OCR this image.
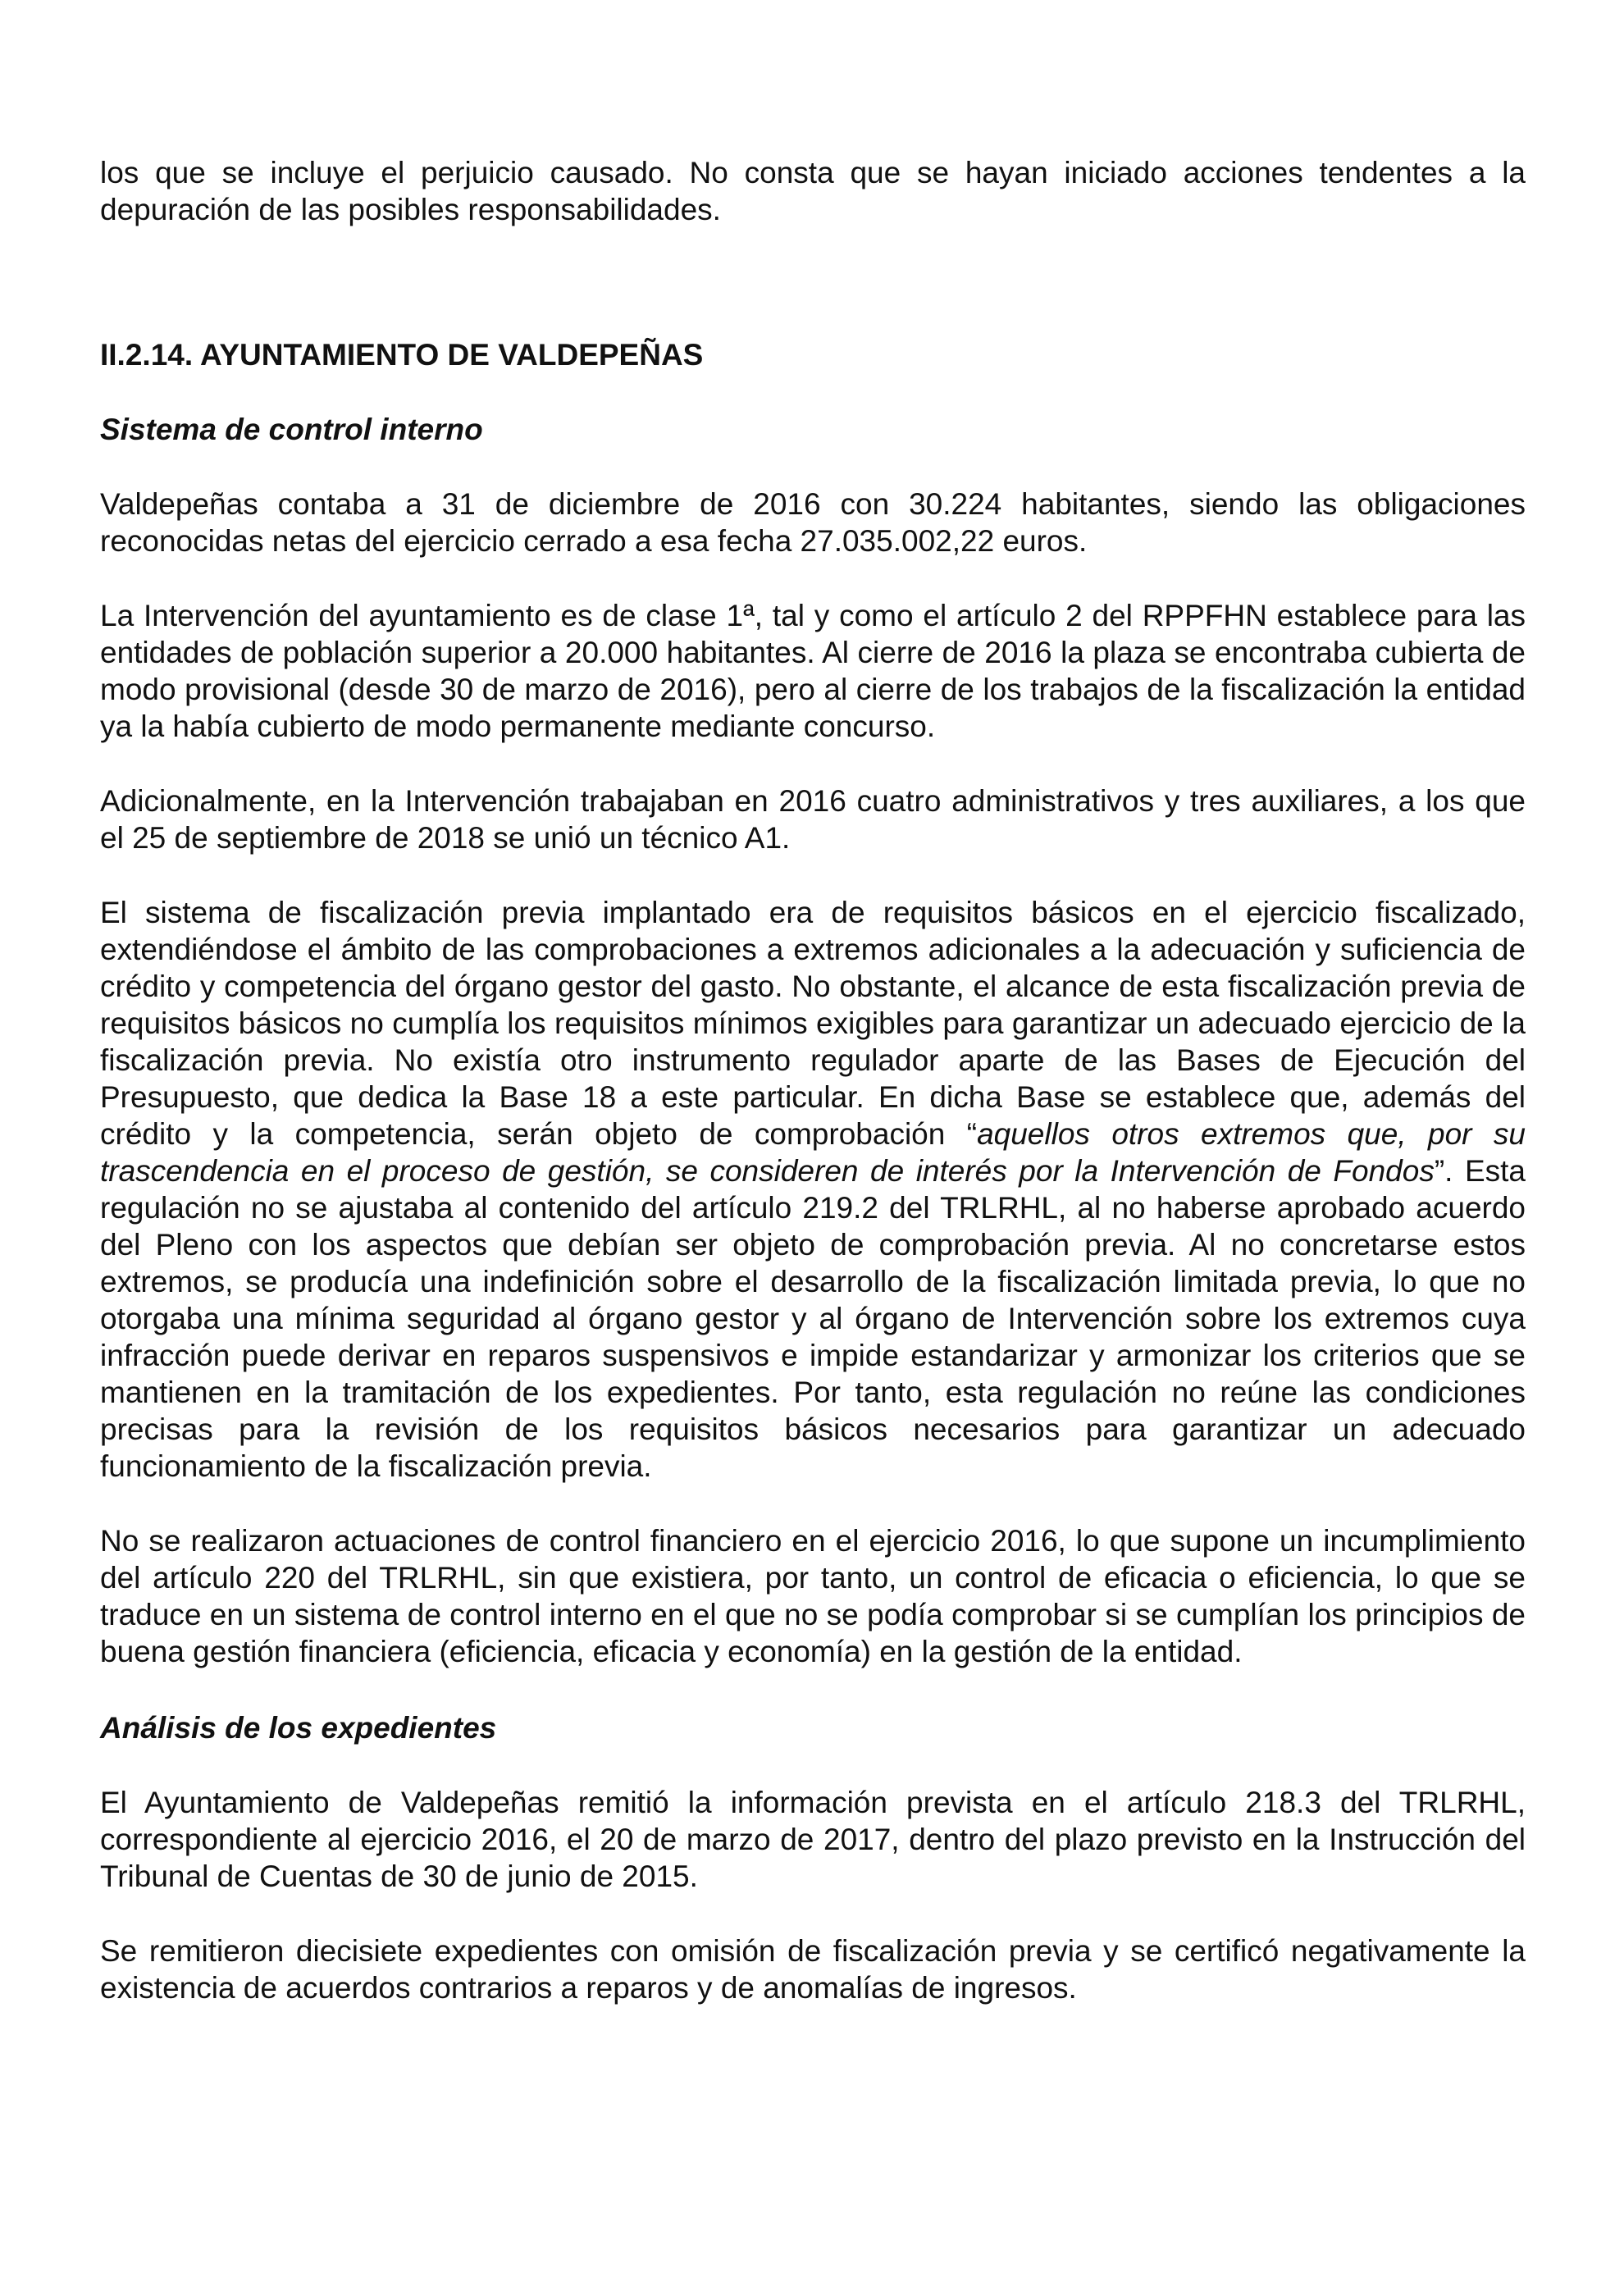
los que se incluye el perjuicio causado. No consta que se hayan iniciado acciones tendentes a la depuración de las posibles responsabilidades.

II.2.14. AYUNTAMIENTO DE VALDEPEÑAS
Sistema de control interno

Valdepeñas contaba a 31 de diciembre de 2016 con 30.224 habitantes, siendo las obligaciones reconocidas netas del ejercicio cerrado a esa fecha 27.035.002,22 euros.

La Intervención del ayuntamiento es de clase 1ª, tal y como el artículo 2 del RPPFHN establece para las entidades de población superior a 20.000 habitantes. Al cierre de 2016 la plaza se encontraba cubierta de modo provisional (desde 30 de marzo de 2016), pero al cierre de los trabajos de la fiscalización la entidad ya la había cubierto de modo permanente mediante concurso.

Adicionalmente, en la Intervención trabajaban en 2016 cuatro administrativos y tres auxiliares, a los que el 25 de septiembre de 2018 se unió un técnico A1.

El sistema de fiscalización previa implantado era de requisitos básicos en el ejercicio fiscalizado, extendiéndose el ámbito de las comprobaciones a extremos adicionales a la adecuación y suficiencia de crédito y competencia del órgano gestor del gasto. No obstante, el alcance de esta fiscalización previa de requisitos básicos no cumplía los requisitos mínimos exigibles para garantizar un adecuado ejercicio de la fiscalización previa. No existía otro instrumento regulador aparte de las Bases de Ejecución del Presupuesto, que dedica la Base 18 a este particular. En dicha Base se establece que, además del crédito y la competencia, serán objeto de comprobación “aquellos otros extremos que, por su trascendencia en el proceso de gestión, se consideren de interés por la Intervención de Fondos”. Esta regulación no se ajustaba al contenido del artículo 219.2 del TRLRHL, al no haberse aprobado acuerdo del Pleno con los aspectos que debían ser objeto de comprobación previa. Al no concretarse estos extremos, se producía una indefinición sobre el desarrollo de la fiscalización limitada previa, lo que no otorgaba una mínima seguridad al órgano gestor y al órgano de Intervención sobre los extremos cuya infracción puede derivar en reparos suspensivos e impide estandarizar y armonizar los criterios que se mantienen en la tramitación de los expedientes. Por tanto, esta regulación no reúne las condiciones precisas para la revisión de los requisitos básicos necesarios para garantizar un adecuado funcionamiento de la fiscalización previa.

No se realizaron actuaciones de control financiero en el ejercicio 2016, lo que supone un incumplimiento del artículo 220 del TRLRHL, sin que existiera, por tanto, un control de eficacia o eficiencia, lo que se traduce en un sistema de control interno en el que no se podía comprobar si se cumplían los principios de buena gestión financiera (eficiencia, eficacia y economía) en la gestión de la entidad.

Análisis de los expedientes

El Ayuntamiento de Valdepeñas remitió la información prevista en el artículo 218.3 del TRLRHL, correspondiente al ejercicio 2016, el 20 de marzo de 2017, dentro del plazo previsto en la Instrucción del Tribunal de Cuentas de 30 de junio de 2015.

Se remitieron diecisiete expedientes con omisión de fiscalización previa y se certificó negativamente la existencia de acuerdos contrarios a reparos y de anomalías de ingresos.
